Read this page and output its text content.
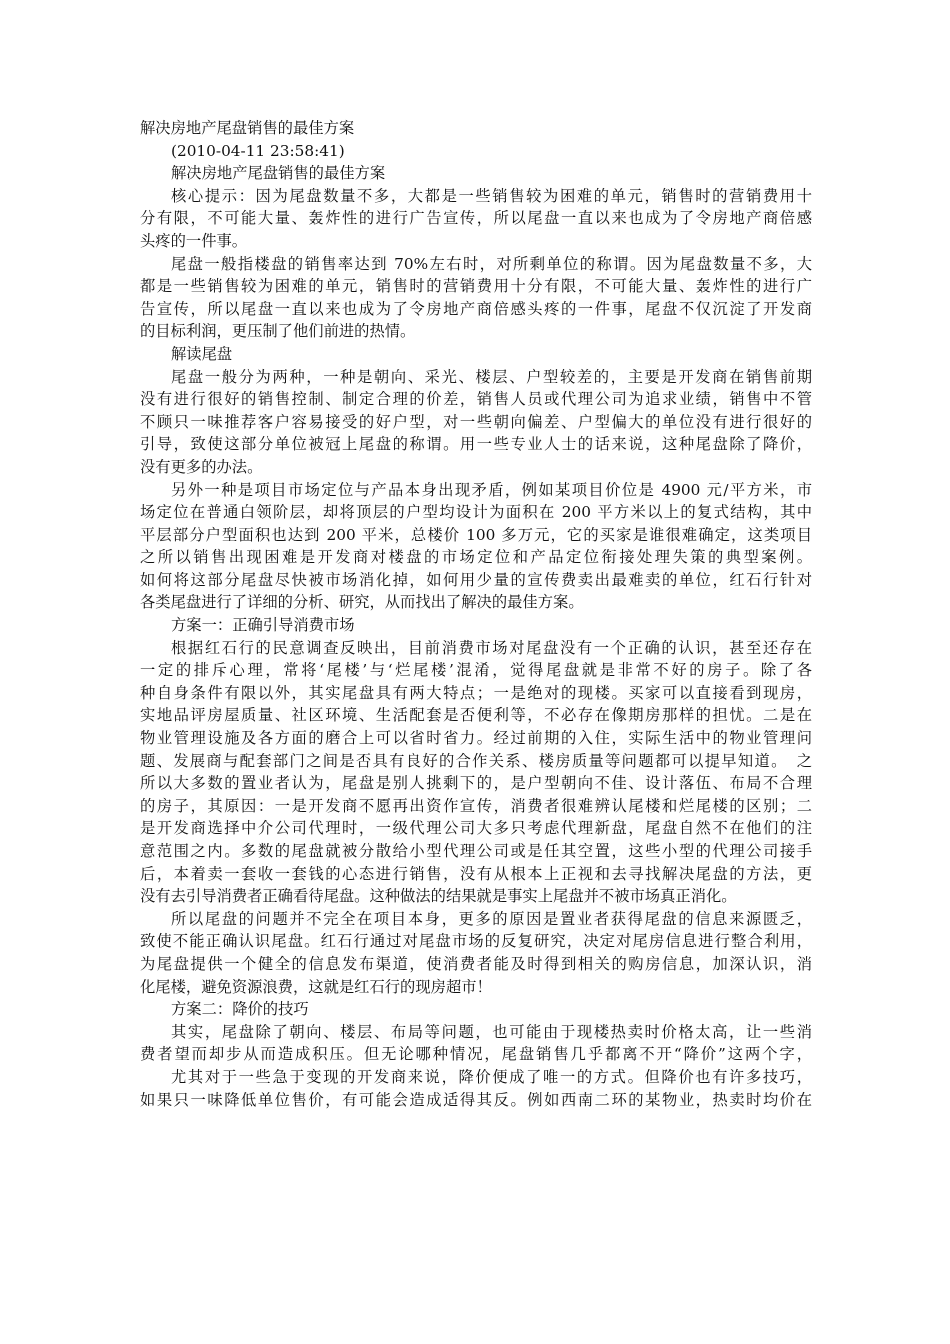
解决房地产尾盘销售的最佳方案
(2010-04-11 23:58:41)
解决房地产尾盘销售的最佳方案
核心提示：因为尾盘数量不多，大都是一些销售较为困难的单元，销售时的营销费用十
分有限，不可能大量、轰炸性的进行广告宣传，所以尾盘一直以来也成为了令房地产商倍感
头疼的一件事。
尾盘一般指楼盘的销售率达到 70%左右时，对所剩单位的称谓。因为尾盘数量不多，大
都是一些销售较为困难的单元，销售时的营销费用十分有限，不可能大量、轰炸性的进行广
告宣传，所以尾盘一直以来也成为了令房地产商倍感头疼的一件事，尾盘不仅沉淀了开发商
的目标利润，更压制了他们前进的热情。
解读尾盘
尾盘一般分为两种，一种是朝向、采光、楼层、户型较差的，主要是开发商在销售前期
没有进行很好的销售控制、制定合理的价差，销售人员或代理公司为追求业绩，销售中不管
不顾只一味推荐客户容易接受的好户型，对一些朝向偏差、户型偏大的单位没有进行很好的
引导，致使这部分单位被冠上尾盘的称谓。用一些专业人士的话来说，这种尾盘除了降价，
没有更多的办法。
另外一种是项目市场定位与产品本身出现矛盾，例如某项目价位是 4900 元/平方米，市
场定位在普通白领阶层，却将顶层的户型均设计为面积在 200 平方米以上的复式结构，其中
平层部分户型面积也达到 200 平米，总楼价 100 多万元，它的买家是谁很难确定，这类项目
之所以销售出现困难是开发商对楼盘的市场定位和产品定位衔接处理失策的典型案例。
如何将这部分尾盘尽快被市场消化掉，如何用少量的宣传费卖出最难卖的单位，红石行针对
各类尾盘进行了详细的分析、研究，从而找出了解决的最佳方案。
方案一：正确引导消费市场
根据红石行的民意调查反映出，目前消费市场对尾盘没有一个正确的认识，甚至还存在
一定的排斥心理，常将‘尾楼’与‘烂尾楼’混淆，觉得尾盘就是非常不好的房子。除了各
种自身条件有限以外，其实尾盘具有两大特点；一是绝对的现楼。买家可以直接看到现房，
实地品评房屋质量、社区环境、生活配套是否便利等，不必存在像期房那样的担忧。二是在
物业管理设施及各方面的磨合上可以省时省力。经过前期的入住，实际生活中的物业管理问
题、发展商与配套部门之间是否具有良好的合作关系、楼房质量等问题都可以提早知道。　之
所以大多数的置业者认为，尾盘是别人挑剩下的，是户型朝向不佳、设计落伍、布局不合理
的房子，其原因：一是开发商不愿再出资作宣传，消费者很难辨认尾楼和烂尾楼的区别；二
是开发商选择中介公司代理时，一级代理公司大多只考虑代理新盘，尾盘自然不在他们的注
意范围之内。多数的尾盘就被分散给小型代理公司或是任其空置，这些小型的代理公司接手
后，本着卖一套收一套钱的心态进行销售，没有从根本上正视和去寻找解决尾盘的方法，更
没有去引导消费者正确看待尾盘。这种做法的结果就是事实上尾盘并不被市场真正消化。
所以尾盘的问题并不完全在项目本身，更多的原因是置业者获得尾盘的信息来源匮乏，
致使不能正确认识尾盘。红石行通过对尾盘市场的反复研究，决定对尾房信息进行整合利用，
为尾盘提供一个健全的信息发布渠道，使消费者能及时得到相关的购房信息，加深认识，消
化尾楼，避免资源浪费，这就是红石行的现房超市！
方案二：降价的技巧
其实，尾盘除了朝向、楼层、布局等问题，也可能由于现楼热卖时价格太高，让一些消
费者望而却步从而造成积压。但无论哪种情况，尾盘销售几乎都离不开“降价”这两个字，
尤其对于一些急于变现的开发商来说，降价便成了唯一的方式。但降价也有许多技巧，
如果只一味降低单位售价，有可能会造成适得其反。例如西南二环的某物业，热卖时均价在
